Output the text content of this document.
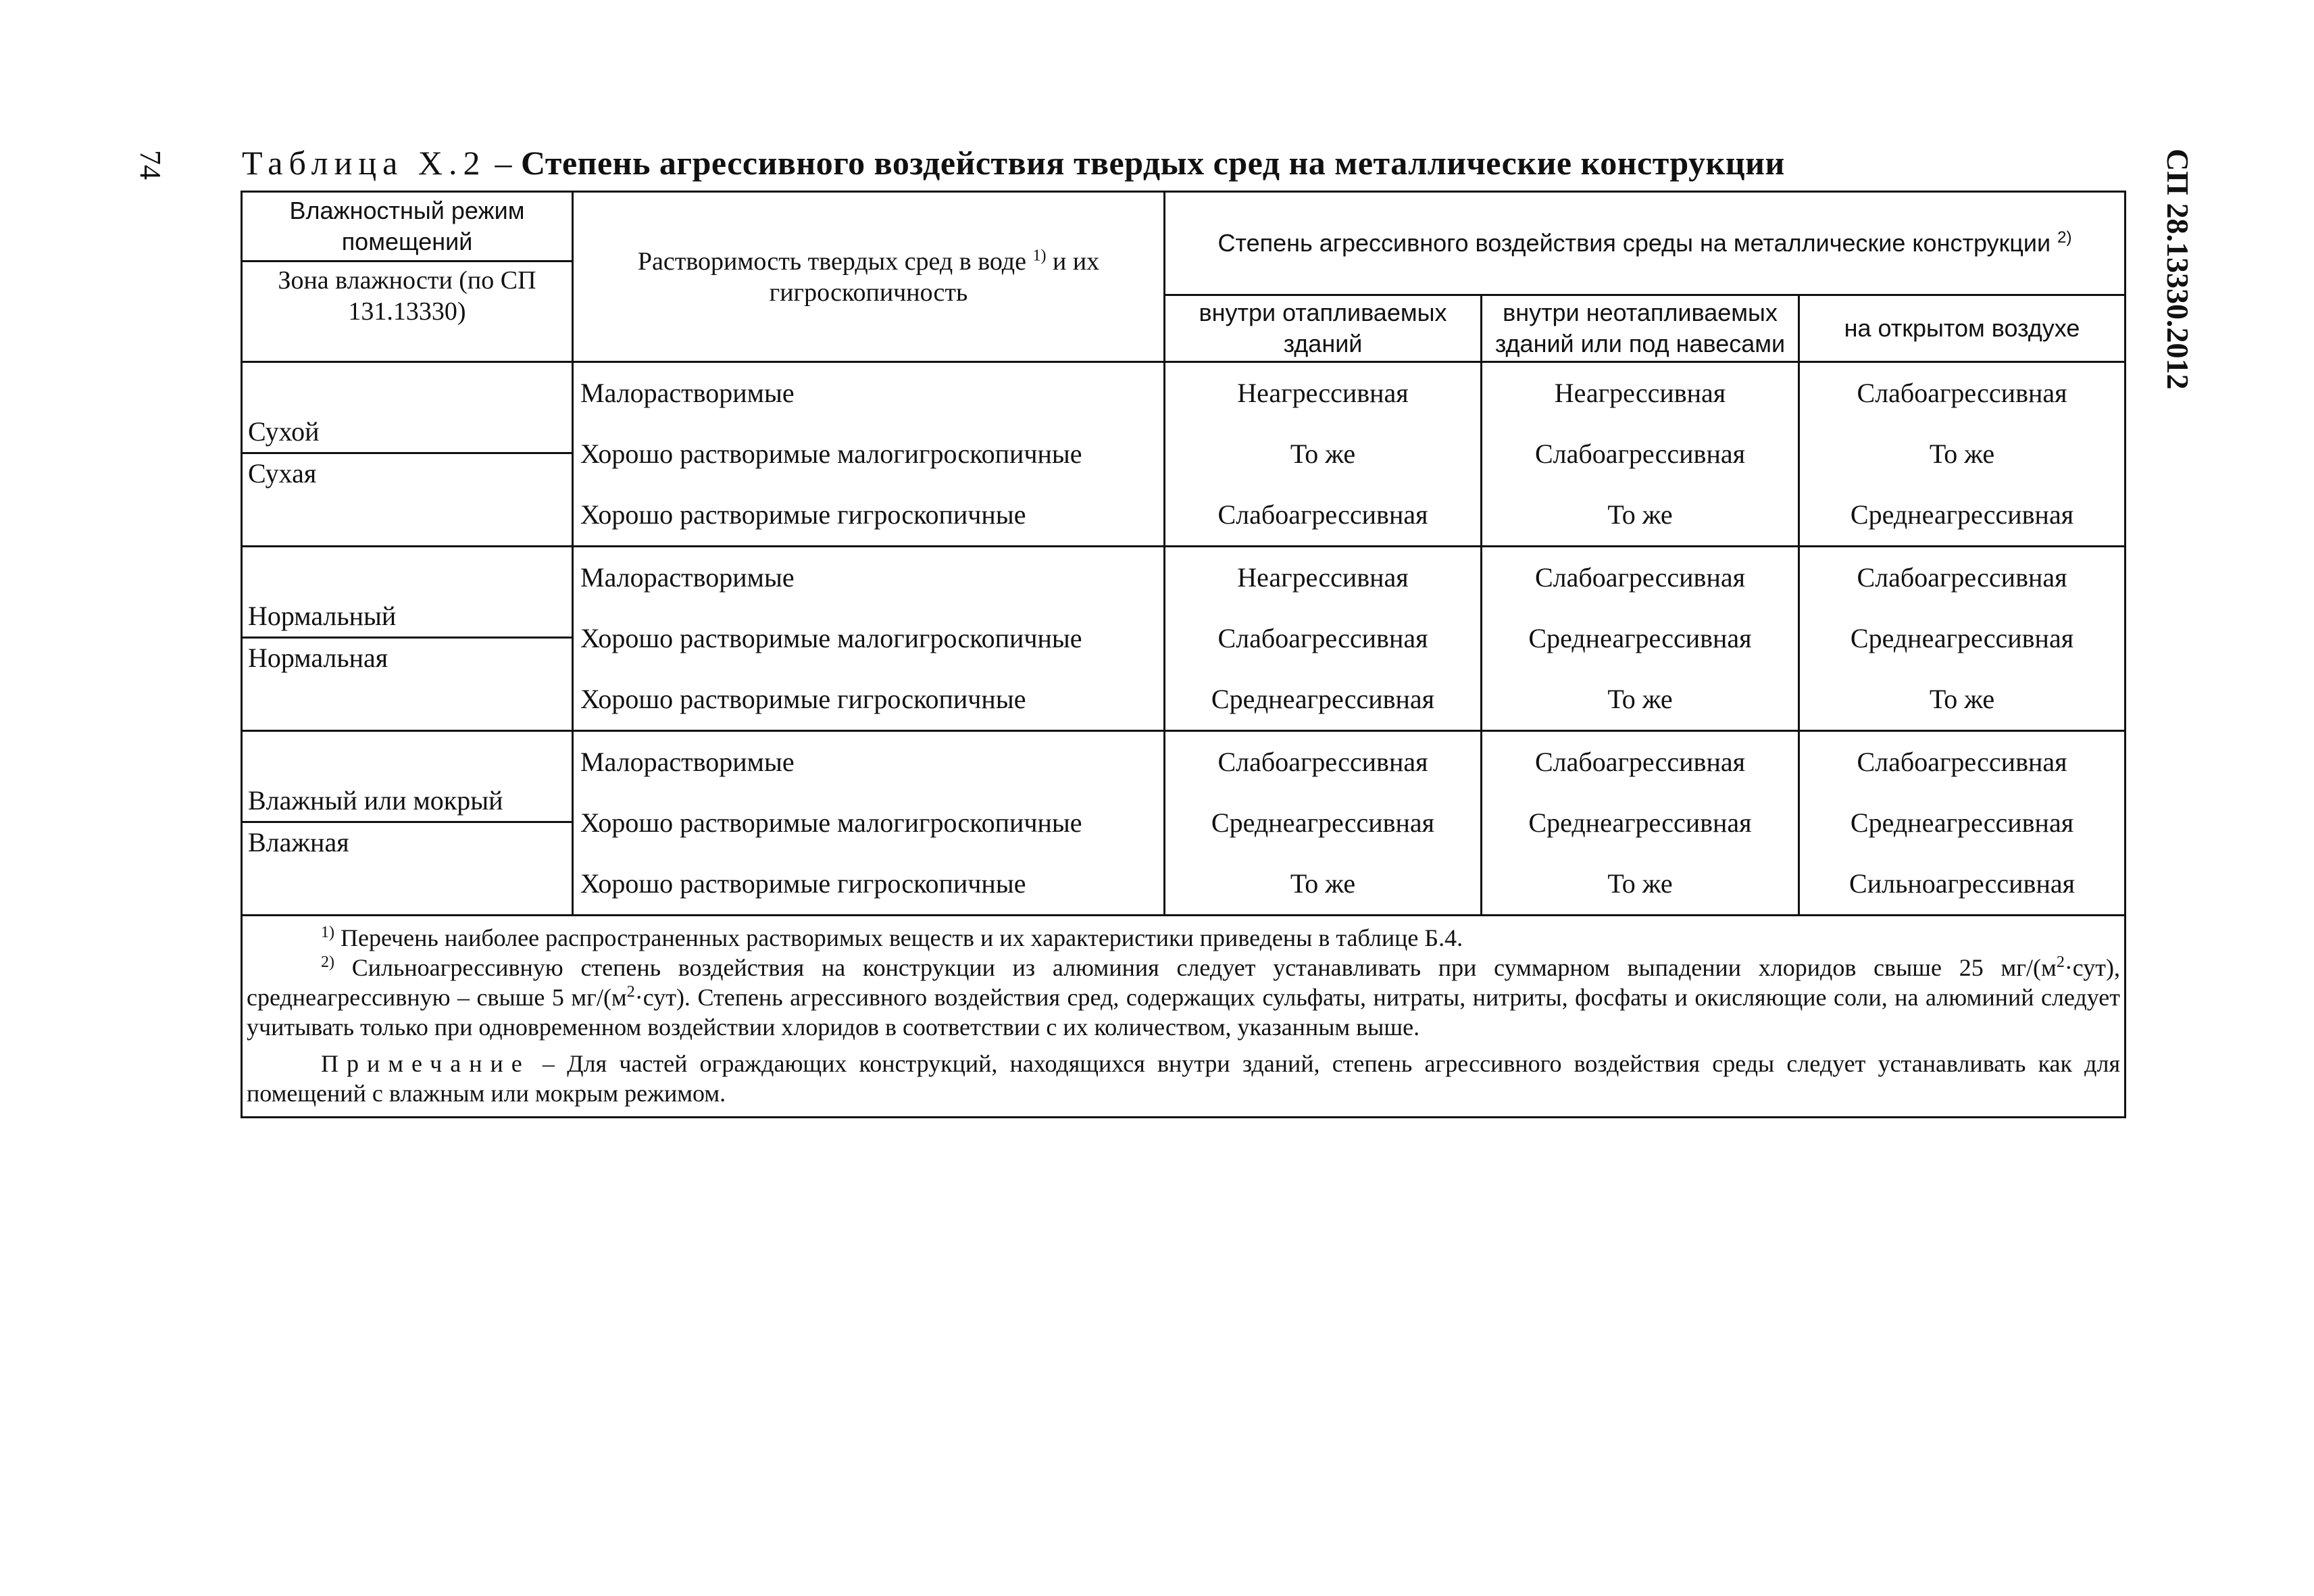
74	СП 28.13330.2012
Таблица Х.2 – Степень агрессивного воздействия твердых сред на металлические конструкции
Влажностный режим помещений
Зона влажности (по СП 131.13330)	Растворимость твердых сред в воде $^{1)}$ и их гигроскопичность	Степень агрессивного воздействия среды на металлические конструкции $^{2)}$
		внутри отапливаемых зданий	внутри неотапливаемых зданий или под навесами	на открытом воздухе

Сухой
Сухая	Малорастворимые	Неагрессивная	Неагрессивная	Слабоагрессивная
	Хорошо растворимые малогигроскопичные	То же	Слабоагрессивная	То же
	Хорошо растворимые гигроскопичные	Слабоагрессивная	То же	Среднеагрессивная

Нормальный
Нормальная	Малорастворимые	Неагрессивная	Слабоагрессивная	Слабоагрессивная
	Хорошо растворимые малогигроскопичные	Слабоагрессивная	Среднеагрессивная	Среднеагрессивная
	Хорошо растворимые гигроскопичные	Среднеагрессивная	То же	То же

Влажный или мокрый
Влажная	Малорастворимые	Слабоагрессивная	Слабоагрессивная	Слабоагрессивная
	Хорошо растворимые малогигроскопичные	Среднеагрессивная	Среднеагрессивная	Среднеагрессивная
	Хорошо растворимые гигроскопичные	То же	То же	Сильноагрессивная

$^{1)}$ Перечень наиболее распространенных растворимых веществ и их характеристики приведены в таблице Б.4.

$^{2)}$ Сильноагрессивную степень воздействия на конструкции из алюминия следует устанавливать при суммарном выпадении хлоридов свыше 25 $мг/(м^2\cdot сут)$, среднеагрессивную – свыше 5 $мг/(м^2\cdot сут)$. Степень агрессивного воздействия сред, содержащих сульфаты, нитраты, нитриты, фосфаты и окисляющие соли, на алюминий следует учитывать только при одновременном воздействии хлоридов в соответствии с их количеством, указанным выше.

Примечание – Для частей ограждающих конструкций, находящихся внутри зданий, степень агрессивного воздействия среды следует устанавливать как для помещений с влажным или мокрым режимом.				
